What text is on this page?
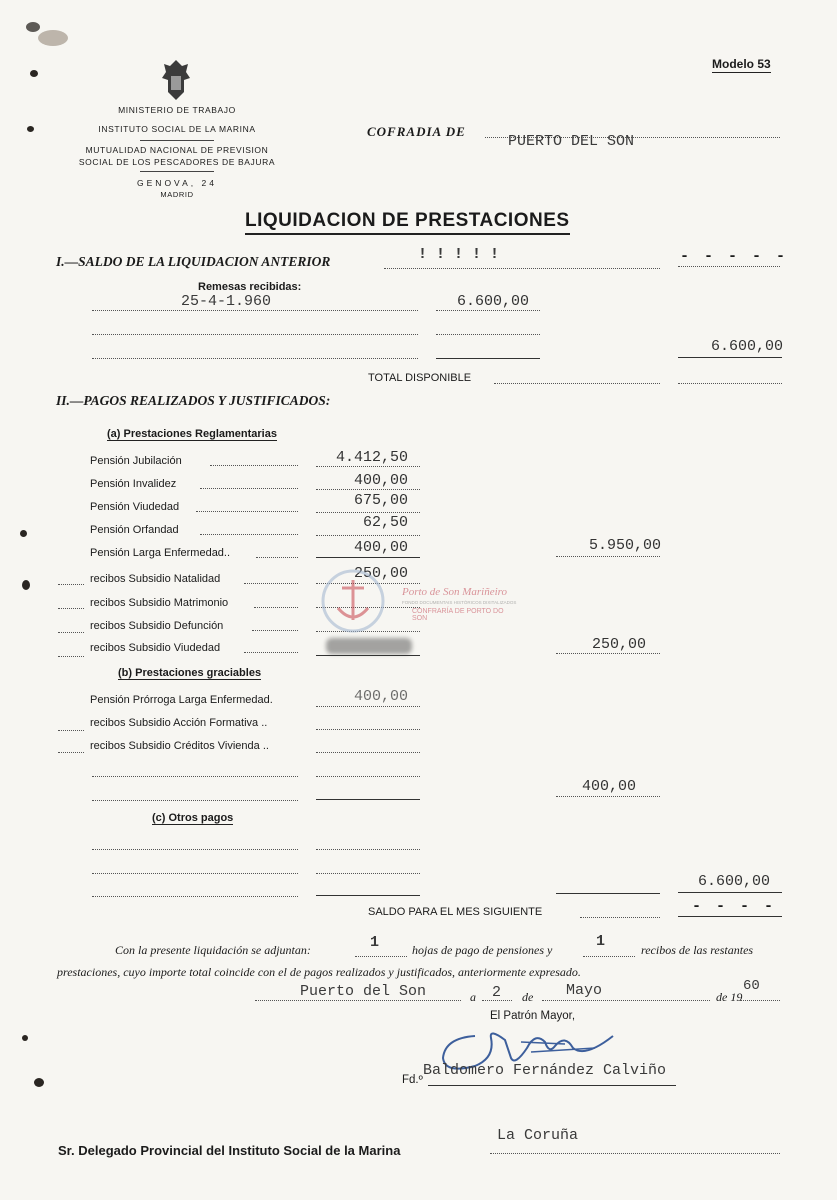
MINISTERIO DE TRABAJO
INSTITUTO SOCIAL DE LA MARINA
MUTUALIDAD NACIONAL DE PREVISION
SOCIAL DE LOS PESCADORES DE BAJURA
GENOVA, 24
MADRID
Modelo 53
COFRADIA DE
PUERTO DEL SON
LIQUIDACION DE PRESTACIONES
I.—SALDO DE LA LIQUIDACION ANTERIOR	! ! ! ! !	- - - - -
Remesas recibidas:
25-4-1.960	6.600,00
6.600,00
TOTAL DISPONIBLE
II.—PAGOS REALIZADOS Y JUSTIFICADOS:
(a) Prestaciones Reglamentarias
Pensión Jubilación	4.412,50
Pensión Invalidez	400,00
Pensión Viudedad	675,00
Pensión Orfandad	62,50
Pensión Larga Enfermedad..	400,00	5.950,00
recibos Subsidio Natalidad	250,00
recibos Subsidio Matrimonio
recibos Subsidio Defunción
recibos Subsidio Viudedad	250,00
Porto de Son Mariñeiro
FONDO DOCUMENTAIS HISTÓRICOS DIXITALIZADOS
CONFRARÍA DE PORTO DO SON
(b) Prestaciones graciables
Pensión Prórroga Larga Enfermedad.	400,00
recibos Subsidio Acción Formativa ..
recibos Subsidio Créditos Vivienda ..
400,00
(c) Otros pagos
6.600,00
SALDO PARA EL MES SIGUIENTE	- - - -
Con la presente liquidación se adjuntan:	1	hojas de pago de pensiones y	1	recibos de las restantes
prestaciones, cuyo importe total coincide con el de pagos realizados y justificados, anteriormente expresado.
Puerto del Son	a 2 de Mayo	de 19
60
El Patrón Mayor,
Fd.º
Baldomero Fernández Calviño
Sr. Delegado Provincial del Instituto Social de la Marina
La Coruña
